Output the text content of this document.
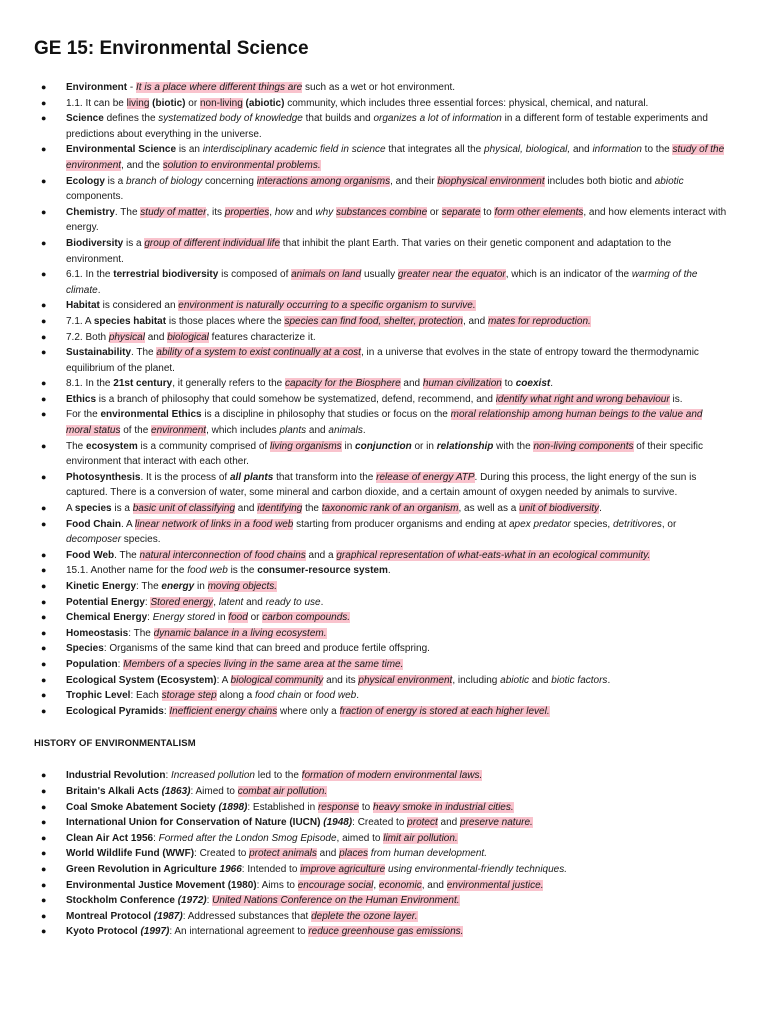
GE 15: Environmental Science
● Environment - It is a place where different things are such as a wet or hot environment.
● 1.1. It can be living (biotic) or non-living (abiotic) community, which includes three essential forces: physical, chemical, and natural.
● Science defines the systematized body of knowledge that builds and organizes a lot of information in a different form of testable experiments and predictions about everything in the universe.
● Environmental Science is an interdisciplinary academic field in science that integrates all the physical, biological, and information to the study of the environment, and the solution to environmental problems.
● Ecology is a branch of biology concerning interactions among organisms, and their biophysical environment includes both biotic and abiotic components.
● Chemistry. The study of matter, its properties, how and why substances combine or separate to form other elements, and how elements interact with energy.
● Biodiversity is a group of different individual life that inhibit the plant Earth. That varies on their genetic component and adaptation to the environment.
● 6.1. In the terrestrial biodiversity is composed of animals on land usually greater near the equator, which is an indicator of the warming of the climate.
● Habitat is considered an environment is naturally occurring to a specific organism to survive.
● 7.1. A species habitat is those places where the species can find food, shelter, protection, and mates for reproduction.
● 7.2. Both physical and biological features characterize it.
● Sustainability. The ability of a system to exist continually at a cost, in a universe that evolves in the state of entropy toward the thermodynamic equilibrium of the planet.
● 8.1. In the 21st century, it generally refers to the capacity for the Biosphere and human civilization to coexist.
● Ethics is a branch of philosophy that could somehow be systematized, defend, recommend, and identify what right and wrong behaviour is.
● For the environmental Ethics is a discipline in philosophy that studies or focus on the moral relationship among human beings to the value and moral status of the environment, which includes plants and animals.
● The ecosystem is a community comprised of living organisms in conjunction or in relationship with the non-living components of their specific environment that interact with each other.
● Photosynthesis. It is the process of all plants that transform into the release of energy ATP. During this process, the light energy of the sun is captured. There is a conversion of water, some mineral and carbon dioxide, and a certain amount of oxygen needed by animals to survive.
● A species is a basic unit of classifying and identifying the taxonomic rank of an organism, as well as a unit of biodiversity.
● Food Chain. A linear network of links in a food web starting from producer organisms and ending at apex predator species, detritivores, or decomposer species.
● Food Web. The natural interconnection of food chains and a graphical representation of what-eats-what in an ecological community.
● 15.1. Another name for the food web is the consumer-resource system.
● Kinetic Energy: The energy in moving objects.
● Potential Energy: Stored energy, latent and ready to use.
● Chemical Energy: Energy stored in food or carbon compounds.
● Homeostasis: The dynamic balance in a living ecosystem.
● Species: Organisms of the same kind that can breed and produce fertile offspring.
● Population: Members of a species living in the same area at the same time.
● Ecological System (Ecosystem): A biological community and its physical environment, including abiotic and biotic factors.
● Trophic Level: Each storage step along a food chain or food web.
● Ecological Pyramids: Inefficient energy chains where only a fraction of energy is stored at each higher level.
HISTORY OF ENVIRONMENTALISM
● Industrial Revolution: Increased pollution led to the formation of modern environmental laws.
● Britain's Alkali Acts (1863): Aimed to combat air pollution.
● Coal Smoke Abatement Society (1898): Established in response to heavy smoke in industrial cities.
● International Union for Conservation of Nature (IUCN) (1948): Created to protect and preserve nature.
● Clean Air Act 1956: Formed after the London Smog Episode, aimed to limit air pollution.
● World Wildlife Fund (WWF): Created to protect animals and places from human development.
● Green Revolution in Agriculture 1966: Intended to improve agriculture using environmental-friendly techniques.
● Environmental Justice Movement (1980): Aims to encourage social, economic, and environmental justice.
● Stockholm Conference (1972): United Nations Conference on the Human Environment.
● Montreal Protocol (1987): Addressed substances that deplete the ozone layer.
● Kyoto Protocol (1997): An international agreement to reduce greenhouse gas emissions.
